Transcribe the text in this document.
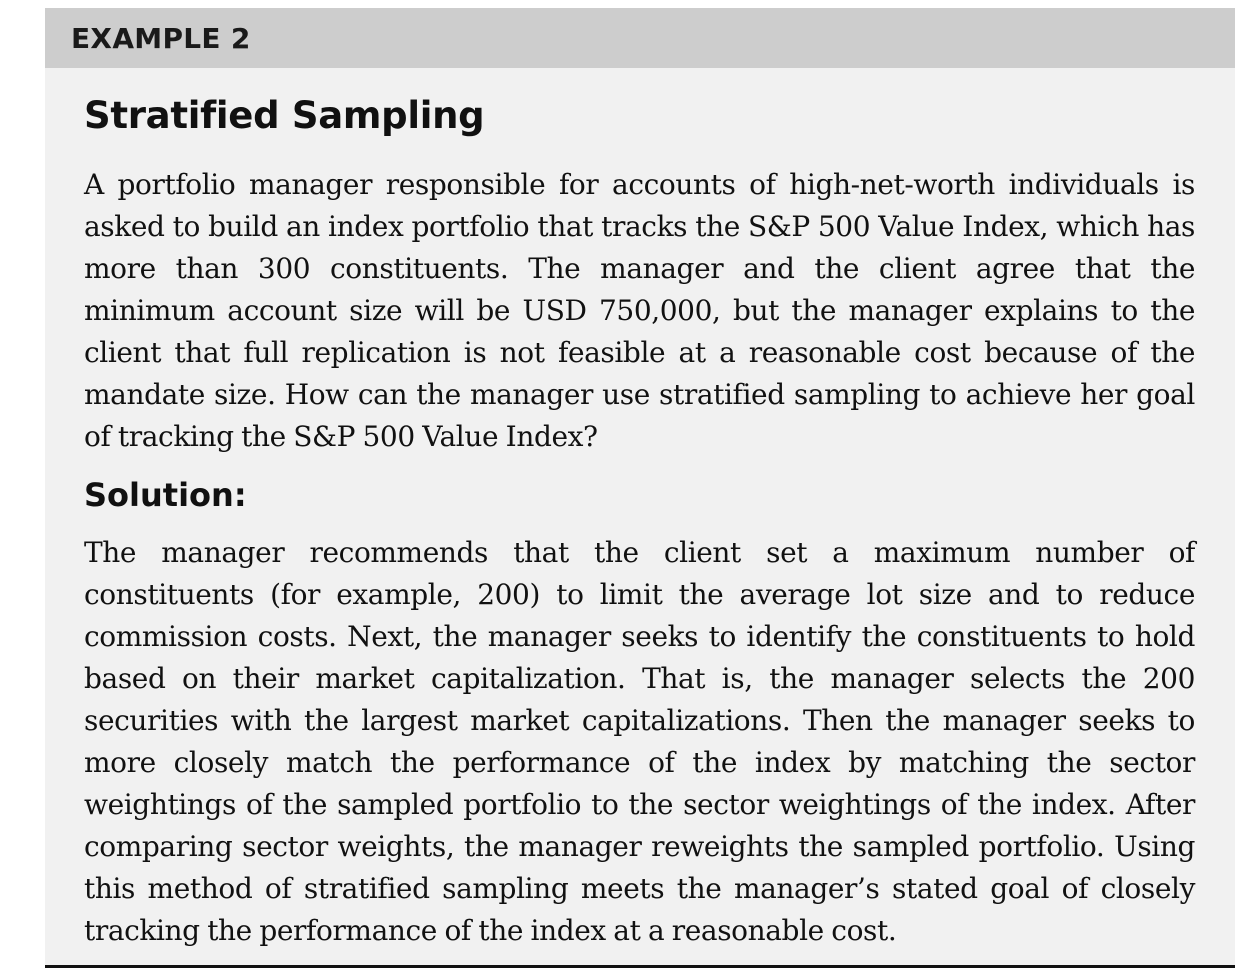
EXAMPLE 2
Stratified Sampling

A portfolio manager responsible for accounts of high-net-worth individuals is asked to build an index portfolio that tracks the S&P 500 Value Index, which has more than 300 constituents. The manager and the client agree that the minimum account size will be USD 750,000, but the manager explains to the client that full replication is not feasible at a reasonable cost because of the mandate size. How can the manager use stratified sampling to achieve her goal of tracking the S&P 500 Value Index?

Solution:

The manager recommends that the client set a maximum number of constituents (for example, 200) to limit the average lot size and to reduce commission costs. Next, the manager seeks to identify the constituents to hold based on their market capitalization. That is, the manager selects the 200 securities with the largest market capitalizations. Then the manager seeks to more closely match the performance of the index by matching the sector weightings of the sampled portfolio to the sector weightings of the index. After comparing sector weights, the manager reweights the sampled portfolio. Using this method of stratified sampling meets the manager’s stated goal of closely tracking the performance of the index at a reasonable cost.
